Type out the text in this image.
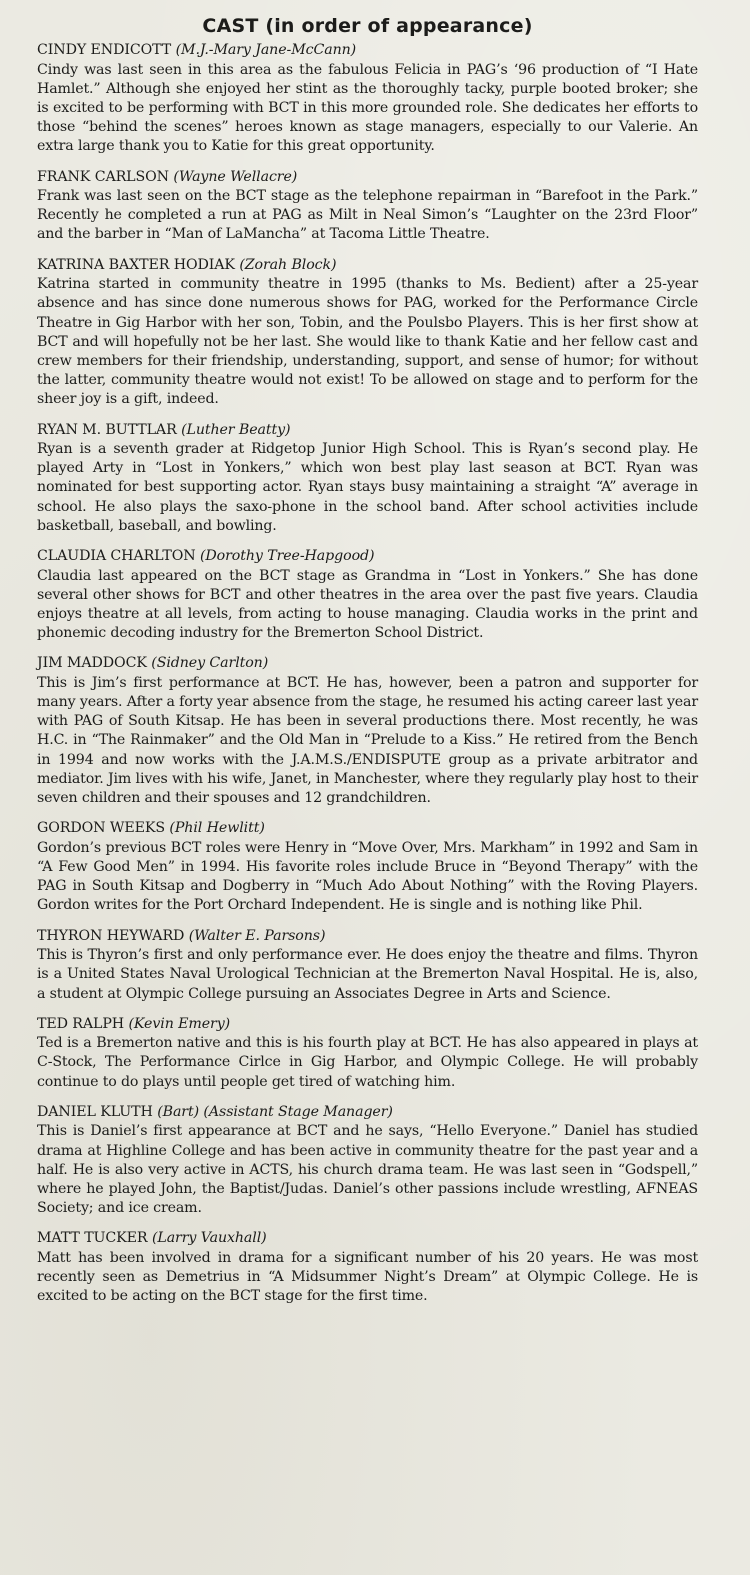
CAST (in order of appearance)
CINDY ENDICOTT (M.J.-Mary Jane-McCann)

Cindy was last seen in this area as the fabulous Felicia in PAG’s ‘96 production of “I Hate Hamlet.” Although she enjoyed her stint as the thoroughly tacky, purple booted broker; she is excited to be performing with BCT in this more grounded role. She dedicates her efforts to those “behind the scenes” heroes known as stage managers, especially to our Valerie. An extra large thank you to Katie for this great opportunity.

FRANK CARLSON (Wayne Wellacre)

Frank was last seen on the BCT stage as the telephone repairman in “Barefoot in the Park.” Recently he completed a run at PAG as Milt in Neal Simon’s “Laughter on the 23rd Floor” and the barber in “Man of LaMancha” at Tacoma Little Theatre.

KATRINA BAXTER HODIAK (Zorah Block)

Katrina started in community theatre in 1995 (thanks to Ms. Bedient) after a 25-year absence and has since done numerous shows for PAG, worked for the Performance Circle Theatre in Gig Harbor with her son, Tobin, and the Poulsbo Players. This is her first show at BCT and will hopefully not be her last. She would like to thank Katie and her fellow cast and crew members for their friendship, understanding, support, and sense of humor; for without the latter, community theatre would not exist! To be allowed on stage and to perform for the sheer joy is a gift, indeed.

RYAN M. BUTTLAR (Luther Beatty)

Ryan is a seventh grader at Ridgetop Junior High School. This is Ryan’s second play. He played Arty in “Lost in Yonkers,” which won best play last season at BCT. Ryan was nominated for best supporting actor. Ryan stays busy maintaining a straight “A” average in school. He also plays the saxo-phone in the school band. After school activities include basketball, baseball, and bowling.

CLAUDIA CHARLTON (Dorothy Tree-Hapgood)

Claudia last appeared on the BCT stage as Grandma in “Lost in Yonkers.” She has done several other shows for BCT and other theatres in the area over the past five years. Claudia enjoys theatre at all levels, from acting to house managing. Claudia works in the print and phonemic decoding industry for the Bremerton School District.

JIM MADDOCK (Sidney Carlton)

This is Jim’s first performance at BCT. He has, however, been a patron and supporter for many years. After a forty year absence from the stage, he resumed his acting career last year with PAG of South Kitsap. He has been in several productions there. Most recently, he was H.C. in “The Rainmaker” and the Old Man in “Prelude to a Kiss.” He retired from the Bench in 1994 and now works with the J.A.M.S./ENDISPUTE group as a private arbitrator and mediator. Jim lives with his wife, Janet, in Manchester, where they regularly play host to their seven children and their spouses and 12 grandchildren.

GORDON WEEKS (Phil Hewlitt)

Gordon’s previous BCT roles were Henry in “Move Over, Mrs. Markham” in 1992 and Sam in “A Few Good Men” in 1994. His favorite roles include Bruce in “Beyond Therapy” with the PAG in South Kitsap and Dogberry in “Much Ado About Nothing” with the Roving Players. Gordon writes for the Port Orchard Independent. He is single and is nothing like Phil.

THYRON HEYWARD (Walter E. Parsons)

This is Thyron’s first and only performance ever. He does enjoy the theatre and films. Thyron is a United States Naval Urological Technician at the Bremerton Naval Hospital. He is, also, a student at Olympic College pursuing an Associates Degree in Arts and Science.

TED RALPH (Kevin Emery)

Ted is a Bremerton native and this is his fourth play at BCT. He has also appeared in plays at C-Stock, The Performance Cirlce in Gig Harbor, and Olympic College. He will probably continue to do plays until people get tired of watching him.

DANIEL KLUTH (Bart) (Assistant Stage Manager)

This is Daniel’s first appearance at BCT and he says, “Hello Everyone.” Daniel has studied drama at Highline College and has been active in community theatre for the past year and a half. He is also very active in ACTS, his church drama team. He was last seen in “Godspell,” where he played John, the Baptist/Judas. Daniel’s other passions include wrestling, AFNEAS Society; and ice cream.

MATT TUCKER (Larry Vauxhall)

Matt has been involved in drama for a significant number of his 20 years. He was most recently seen as Demetrius in “A Midsummer Night’s Dream” at Olympic College. He is excited to be acting on the BCT stage for the first time.
